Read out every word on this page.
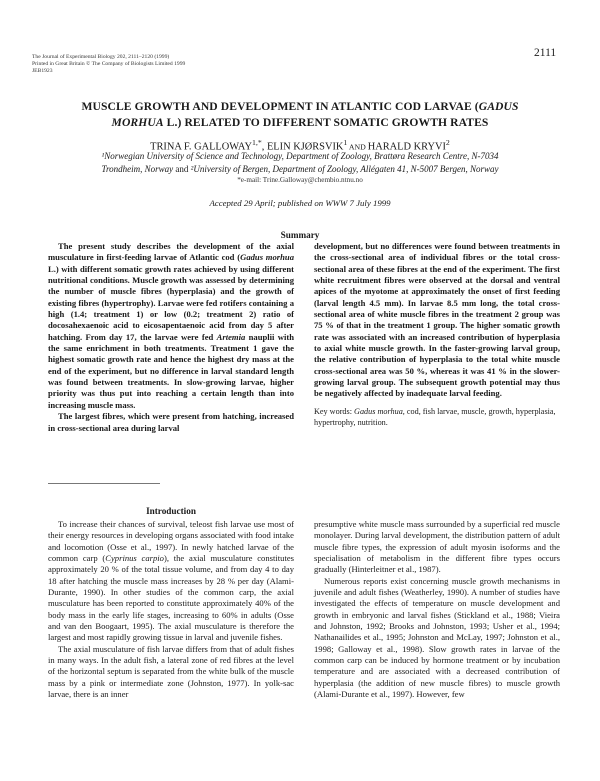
The Journal of Experimental Biology 202, 2111–2120 (1999)
Printed in Great Britain © The Company of Biologists Limited 1999
JEB1923
2111
MUSCLE GROWTH AND DEVELOPMENT IN ATLANTIC COD LARVAE (GADUS
MORHUA L.) RELATED TO DIFFERENT SOMATIC GROWTH RATES
TRINA F. $GALLOWAY^{1,*}$, ELIN KJØRSVIK$^1$ AND HARALD KRYVI$^2$
¹Norwegian University of Science and Technology, Department of Zoology, Brattøra Research Centre, N-7034
Trondheim, Norway and ²University of Bergen, Department of Zoology, Allégaten 41, N-5007 Bergen, Norway
*e-mail: Trine.Galloway@chembio.ntnu.no
Accepted 29 April; published on WWW 7 July 1999
Summary

The present study describes the development of the axial musculature in first-feeding larvae of Atlantic cod (Gadus morhua L.) with different somatic growth rates achieved by using different nutritional conditions. Muscle growth was assessed by determining the number of muscle fibres (hyperplasia) and the growth of existing fibres (hypertrophy). Larvae were fed rotifers containing a high (1.4; treatment 1) or low (0.2; treatment 2) ratio of docosahexaenoic acid to eicosapentaenoic acid from day 5 after hatching. From day 17, the larvae were fed Artemia nauplii with the same enrichment in both treatments. Treatment 1 gave the highest somatic growth rate and hence the highest dry mass at the end of the experiment, but no difference in larval standard length was found between treatments. In slow-growing larvae, higher priority was thus put into reaching a certain length than into increasing muscle mass.

The largest fibres, which were present from hatching, increased in cross-sectional area during larval

development, but no differences were found between treatments in the cross-sectional area of individual fibres or the total cross-sectional area of these fibres at the end of the experiment. The first white recruitment fibres were observed at the dorsal and ventral apices of the myotome at approximately the onset of first feeding (larval length 4.5 mm). In larvae 8.5 mm long, the total cross-sectional area of white muscle fibres in the treatment 2 group was 75 % of that in the treatment 1 group. The higher somatic growth rate was associated with an increased contribution of hyperplasia to axial white muscle growth. In the faster-growing larval group, the relative contribution of hyperplasia to the total white muscle cross-sectional area was 50 %, whereas it was 41 % in the slower-growing larval group. The subsequent growth potential may thus be negatively affected by inadequate larval feeding.

Key words: Gadus morhua, cod, fish larvae, muscle, growth, hyperplasia, hypertrophy, nutrition.

Introduction

To increase their chances of survival, teleost fish larvae use most of their energy resources in developing organs associated with food intake and locomotion (Osse et al., 1997). In newly hatched larvae of the common carp (Cyprinus carpio), the axial musculature constitutes approximately 20 % of the total tissue volume, and from day 4 to day 18 after hatching the muscle mass increases by 28 % per day (Alami-Durante, 1990). In other studies of the common carp, the axial musculature has been reported to constitute approximately 40% of the body mass in the early life stages, increasing to 60% in adults (Osse and van den Boogaart, 1995). The axial musculature is therefore the largest and most rapidly growing tissue in larval and juvenile fishes.

The axial musculature of fish larvae differs from that of adult fishes in many ways. In the adult fish, a lateral zone of red fibres at the level of the horizontal septum is separated from the white bulk of the muscle mass by a pink or intermediate zone (Johnston, 1977). In yolk-sac larvae, there is an inner

presumptive white muscle mass surrounded by a superficial red muscle monolayer. During larval development, the distribution pattern of adult muscle fibre types, the expression of adult myosin isoforms and the specialisation of metabolism in the different fibre types occurs gradually (Hinterleitner et al., 1987).

Numerous reports exist concerning muscle growth mechanisms in juvenile and adult fishes (Weatherley, 1990). A number of studies have investigated the effects of temperature on muscle development and growth in embryonic and larval fishes (Stickland et al., 1988; Vieira and Johnston, 1992; Brooks and Johnston, 1993; Usher et al., 1994; Nathanailides et al., 1995; Johnston and McLay, 1997; Johnston et al., 1998; Galloway et al., 1998). Slow growth rates in larvae of the common carp can be induced by hormone treatment or by incubation temperature and are associated with a decreased contribution of hyperplasia (the addition of new muscle fibres) to muscle growth (Alami-Durante et al., 1997). However, few
